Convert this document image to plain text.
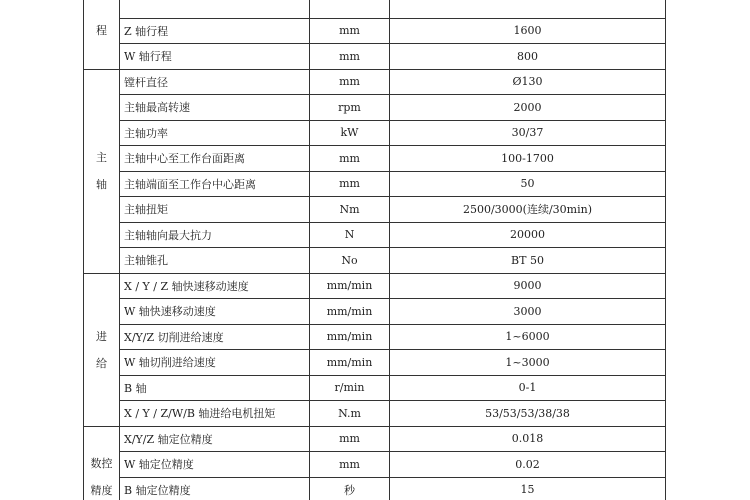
程			

	Z 轴行程	mm	1600
	W 轴行程	mm	800

主
轴	镗杆直径	mm	Ø130
	主轴最高转速	rpm	2000
	主轴功率	kW	30/37
	主轴中心至工作台面距离	mm	100-1700
	主轴端面至工作台中心距离	mm	50
	主轴扭矩	Nm	2500/3000(连续/30min)
	主轴轴向最大抗力	N	20000
	主轴锥孔	No	BT 50

进
给	X / Y / Z 轴快速移动速度	mm/min	9000
	W 轴快速移动速度	mm/min	3000
	X/Y/Z 切削进给速度	mm/min	1~6000
	W 轴切削进给速度	mm/min	1~3000
	B 轴	r/min	0-1
	X / Y / Z/W/B 轴进给电机扭矩	N.m	53/53/53/38/38

数控
精度	X/Y/Z 轴定位精度	mm	0.018
	W 轴定位精度	mm	0.02
	B 轴定位精度	秒	15
